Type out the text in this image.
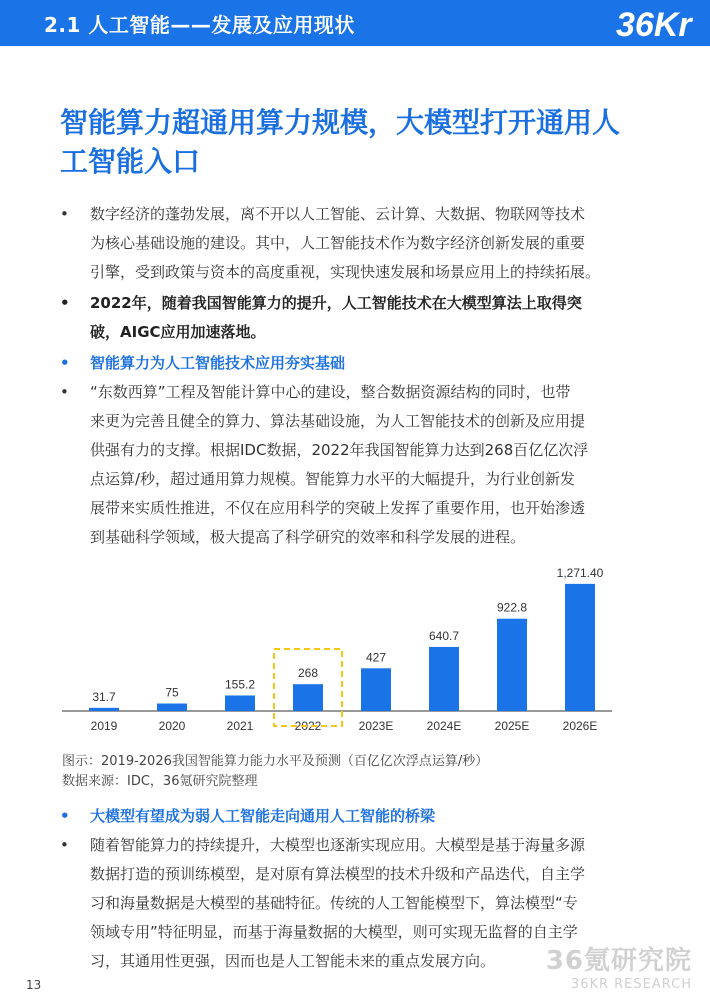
2.1 人工智能——发展及应用现状	36Kr
智能算力超通用算力规模，大模型打开通用人
工智能入口
• 数字经济的蓬勃发展，离不开以人工智能、云计算、大数据、物联网等技术
为核心基础设施的建设。其中，人工智能技术作为数字经济创新发展的重要
引擎，受到政策与资本的高度重视，实现快速发展和场景应用上的持续拓展。
• 2022年，随着我国智能算力的提升，人工智能技术在大模型算法上取得突
破，AIGC应用加速落地。
• 智能算力为人工智能技术应用夯实基础
• “东数西算”工程及智能计算中心的建设，整合数据资源结构的同时，也带
来更为完善且健全的算力、算法基础设施，为人工智能技术的创新及应用提
供强有力的支撑。根据IDC数据，2022年我国智能算力达到268百亿亿次浮
点运算/秒，超过通用算力规模。智能算力水平的大幅提升，为行业创新发
展带来实质性推进，不仅在应用科学的突破上发挥了重要作用，也开始渗透
到基础科学领域，极大提高了科学研究的效率和科学发展的进程。
31.7
2019
75
2020
155.2
2021
268
2022
427
2023E
640.7
2024E
922.8
2025E
1,271.40
2026E
图示：2019-2026我国智能算力能力水平及预测（百亿亿次浮点运算/秒）
数据来源：IDC，36氪研究院整理
• 大模型有望成为弱人工智能走向通用人工智能的桥梁
• 随着智能算力的持续提升，大模型也逐渐实现应用。大模型是基于海量多源
数据打造的预训练模型，是对原有算法模型的技术升级和产品迭代，自主学
习和海量数据是大模型的基础特征。传统的人工智能模型下，算法模型“专
领域专用”特征明显，而基于海量数据的大模型，则可实现无监督的自主学
习，其通用性更强，因而也是人工智能未来的重点发展方向。
13
36氪研究院
36KR RESEARCH
